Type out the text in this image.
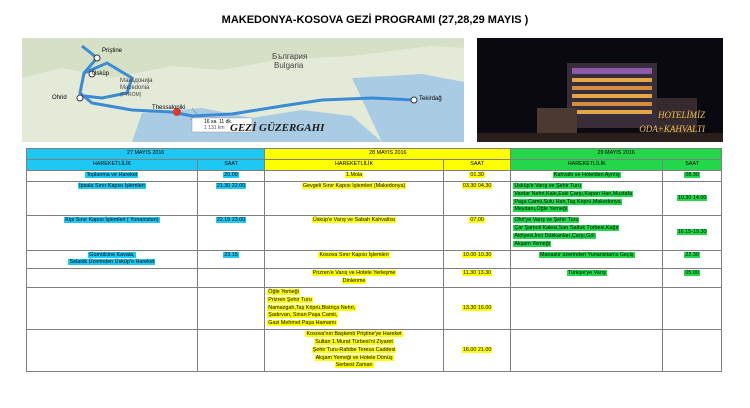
MAKEDONYA-KOSOVA GEZİ PROGRAMI (27,28,29 MAYIS )
Priştine
Üsküp
България
Bulgaria
Македонија
Macedonia
(FYROM)
Thessaloniki
Tekirdağ
Ohrid
16 sa. 11 dk.
1 131 km GEZİ GÜZERGAHI
HOTELİMİZ
ODA+KAHVALTI
27 MAYIS 2016		28 MAYIS 2016		29 MAYIS 2016	
HAREKETLİLİK	SAAT	HAREKETLİLİK	SAAT	HAREKETLİLİK	SAAT
Toplanma ve Hareket	20.00	1.Mola	01.30	Kahvaltı ve Hotelden Ayrılış	08.30
İpsala Sınır Kapısı İşlemleri	21.30 22.00	Gevgeli Sınır Kapısı İşlemleri (Makedonya)	03.30 04.30	Üsküp'e Varış ve Şehir Turu
Vardar Nehri,Kale,Eski Çarşı,Kapan Han,Mustafa
Paşa Camii,Sulu Han,Taş Köprü,Makedonya
Meydanı,Öğle Yemeği	10.30 14.00
Kipi Sınır Kapısı İşlemleri ( Yunanistan)	22.15 23.00	Üsküp'e Varış ve Sabah Kahvaltısı	07.00	Ohri'ye Varış ve Şehir Turu
Çar Şamoil Kalesi,Sarı Saltuk Türbesi,Kağıt
Atölyesi,İnci Dükkanları,Çarşı,Göl
Akşam Yemeği	16.15-19.30
Gümülcine Kavala,
Selanik Üzerinden Üsküp'e Hareket	23.15	Kosova Sınır Kapısı İşlemleri	10.00 10.30	Manastır üzerinden Yunanistan'a Geçiş	22.30
		Prizren'e Varış ve Hotele Yerleşme
Dinlenme	11.30 13.30	Türkiye'ye Varış	05.00
		Öğle Yemeği
Prizren Şehir Turu
Namazgah,Taş Köprü,Bistriça Nehri,
Şadırvan, Sinan Paşa Camii,
Gazi Mehmet Paşa Hamamı	13.30 16.00		
		Kosova'nın Başkenti Priştine'ye Hareket
Sultan 1.Murat Türbesi'ni Ziyaret
Şehir Turu-Rahibe Teresa Caddesi
Akşam Yemeği ve Hotele Dönüş
Serbest Zaman	16.00 21.00		
